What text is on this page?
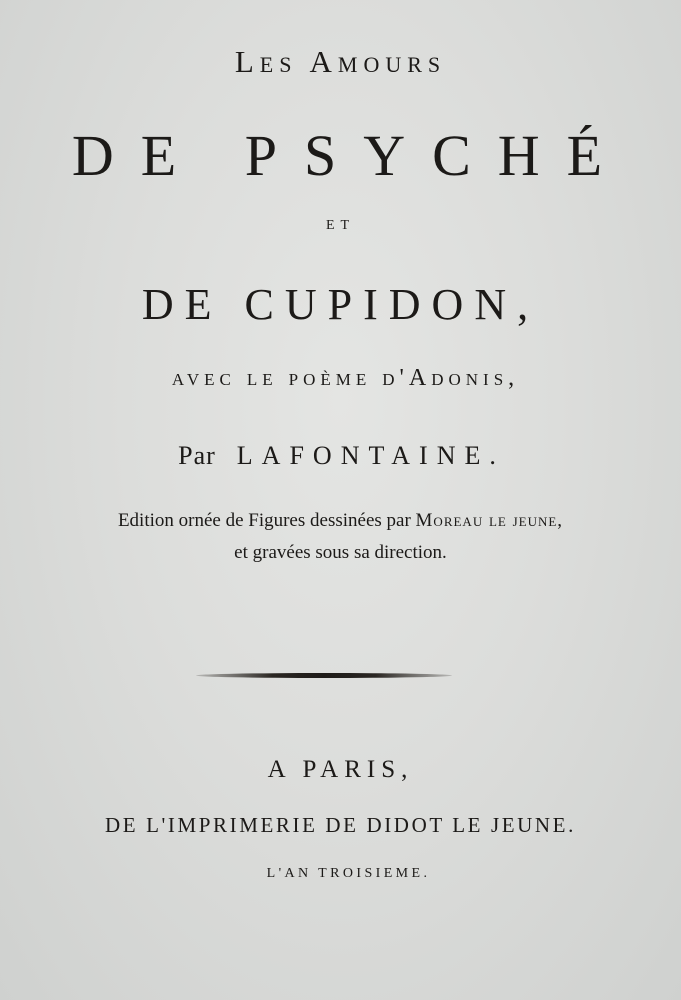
Les Amours
DE PSYCHÉ
ET
DE CUPIDON,
avec le poème d'Adonis,
Par LAFONTAINE.
Edition ornée de Figures dessinées par Moreau le jeune,
et gravées sous sa direction.
A PARIS,
DE L'IMPRIMERIE DE DIDOT LE JEUNE.
L'AN TROISIEME.
